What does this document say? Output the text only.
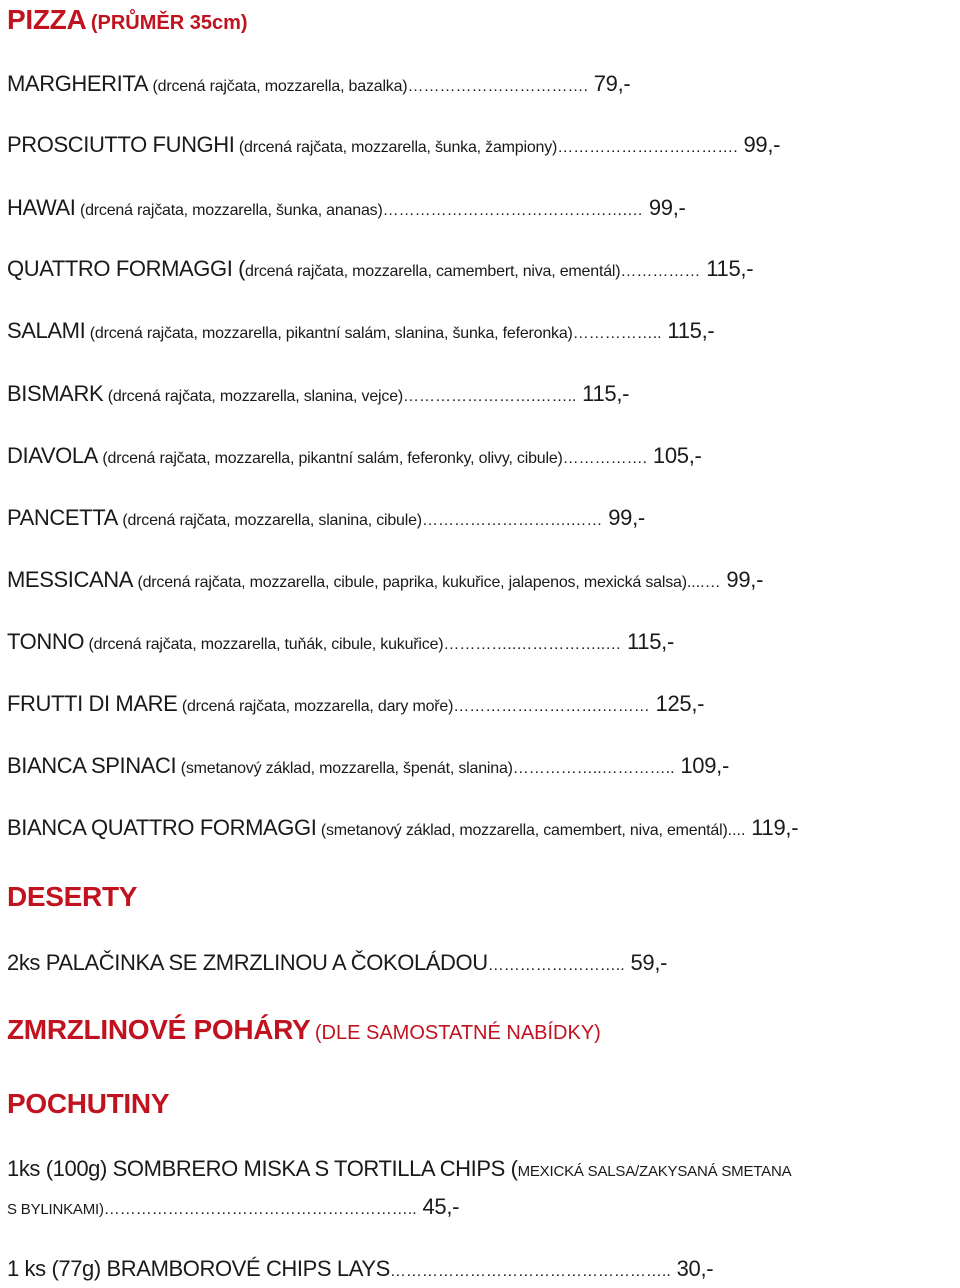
PIZZA (PRŮMĚR 35cm)
MARGHERITA (drcená rajčata, mozzarella, bazalka)……………………………. 79,-
PROSCIUTTO FUNGHI (drcená rajčata, mozzarella, šunka, žampiony)……………………………. 99,-
HAWAI (drcená rajčata, mozzarella, šunka, ananas)……………………………………….… 99,-
QUATTRO FORMAGGI (drcená rajčata, mozzarella, camembert, niva, ementál)…………… 115,-
SALAMI (drcená rajčata, mozzarella, pikantní salám, slanina, šunka, feferonka)…………….. 115,-
BISMARK (drcená rajčata, mozzarella, slanina, vejce)…………………….…….. 115,-
DIAVOLA (drcená rajčata, mozzarella, pikantní salám, feferonky, olivy, cibule)……………. 105,-
PANCETTA (drcená rajčata, mozzarella, slanina, cibule)……………………….…… 99,-
MESSICANA (drcená rajčata, mozzarella, cibule, paprika, kukuřice, jalapenos, mexická salsa)....… 99,-
TONNO (drcená rajčata, mozzarella, tuňák, cibule, kukuřice)…………..……………..… 115,-
FRUTTI DI MARE (drcená rajčata, mozzarella, dary moře)……………………….……… 125,-
BIANCA SPINACI (smetanový základ, mozzarella, špenát, slanina)……………..………….. 109,-
BIANCA QUATTRO FORMAGGI (smetanový základ, mozzarella, camembert, niva, ementál).... 119,-
DESERTY
2ks PALAČINKA SE ZMRZLINOU A ČOKOLÁDOU…………………….. 59,-
ZMRZLINOVÉ POHÁRY (DLE SAMOSTATNÉ NABÍDKY)
POCHUTINY
1ks (100g) SOMBRERO MISKA S TORTILLA CHIPS (MEXICKÁ SALSA/ZAKYSANÁ SMETANA
S BYLINKAMI)………………………………………………….. 45,-
1 ks (77g) BRAMBOROVÉ CHIPS LAYS…………………………………………….. 30,-
